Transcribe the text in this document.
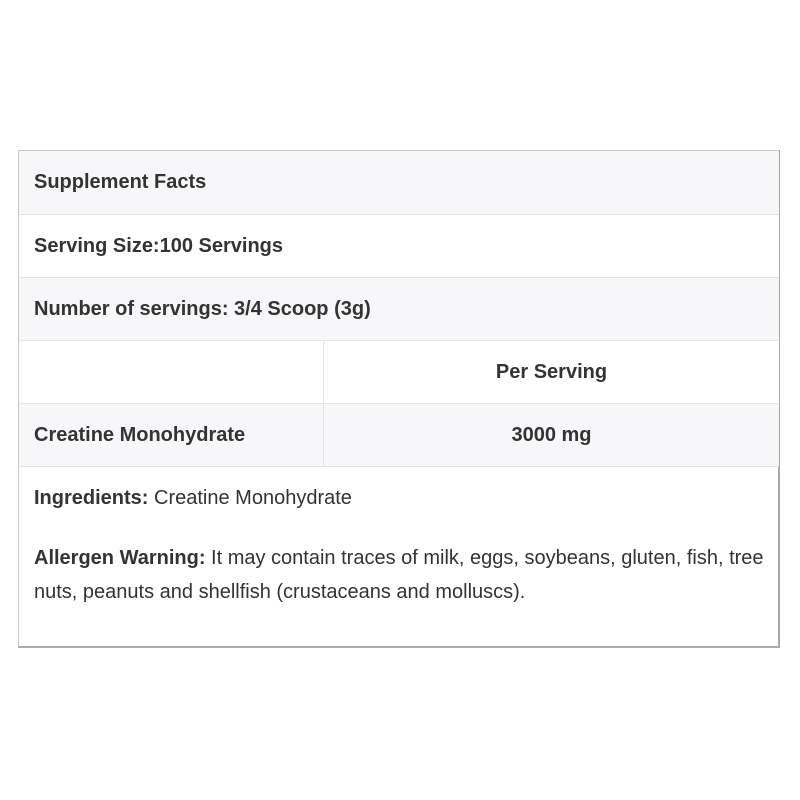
Supplement Facts
Serving Size:100 Servings
Number of servings: 3/4 Scoop (3g)
Per Serving
Creatine Monohydrate	3000 mg

Ingredients: Creatine Monohydrate

Allergen Warning: It may contain traces of milk, eggs, soybeans, gluten, fish, tree nuts, peanuts and shellfish (crustaceans and molluscs).
